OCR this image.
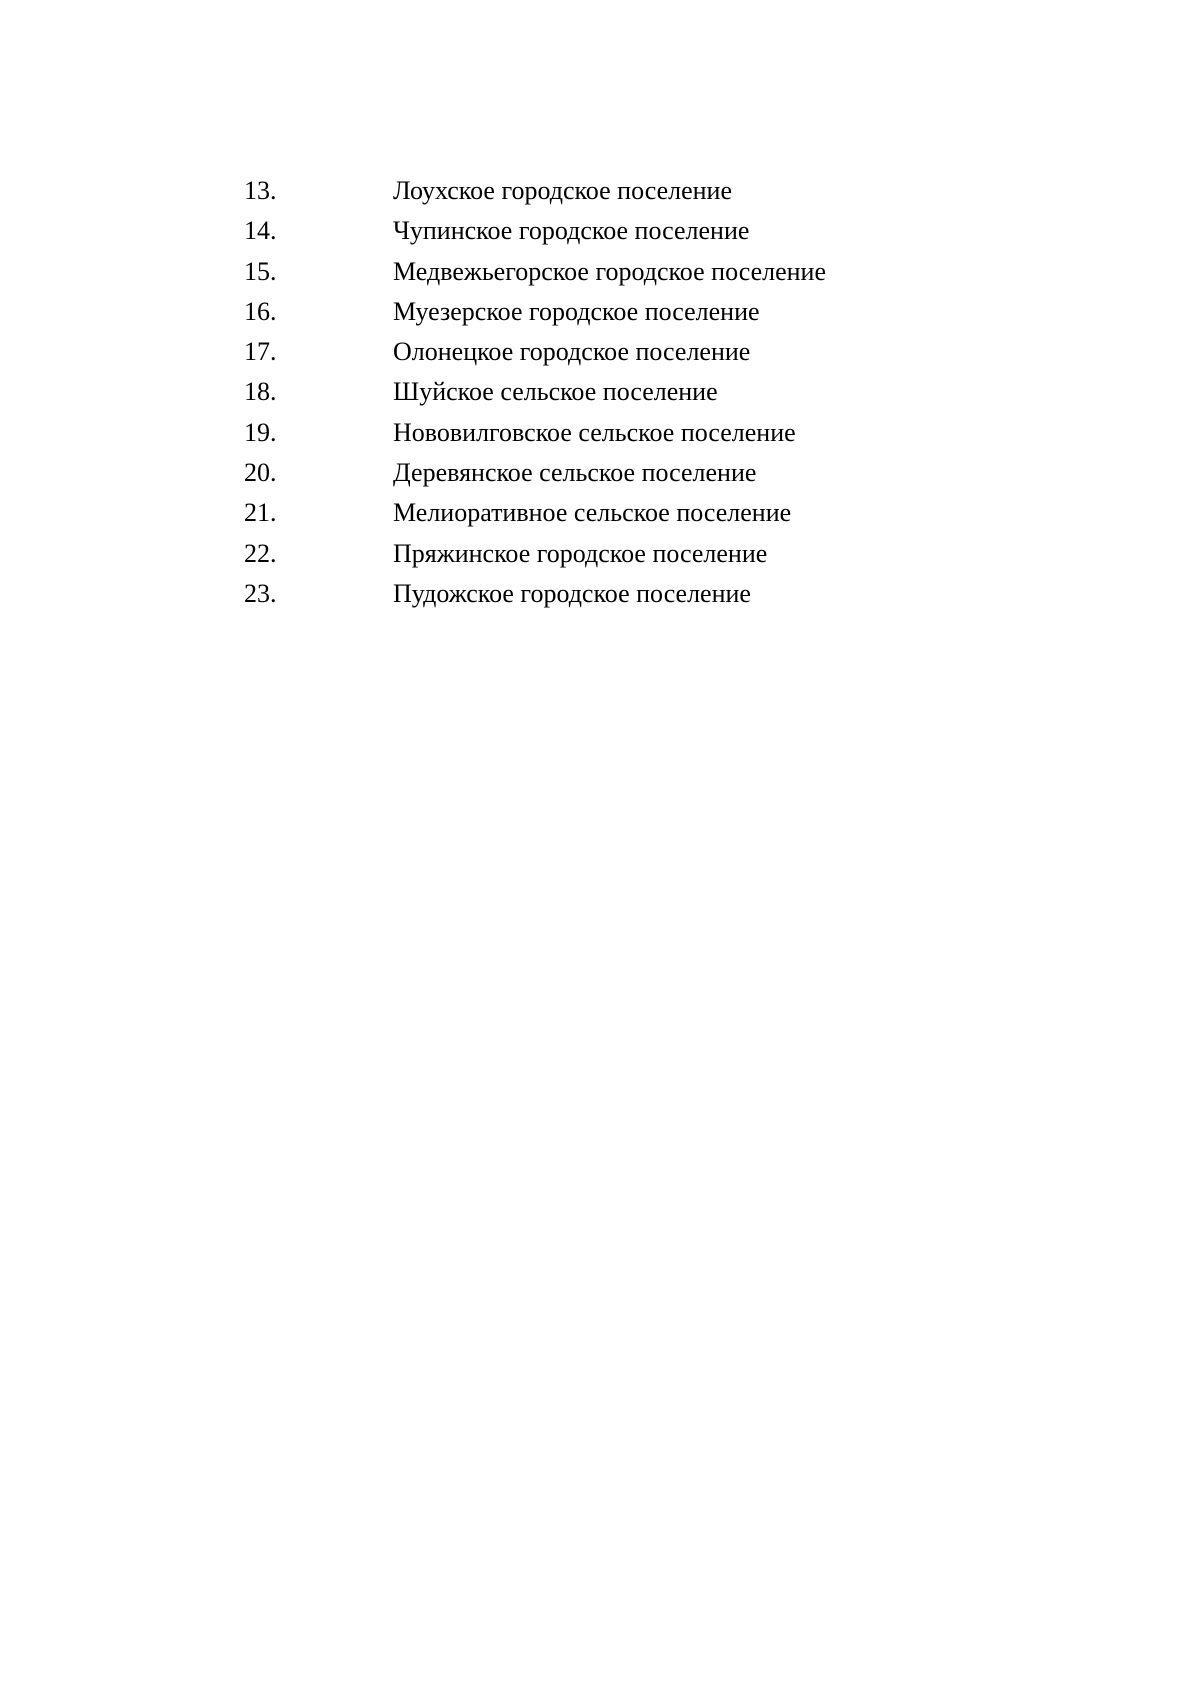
13.	Лоухское городское поселение
14.	Чупинское городское поселение
15.	Медвежьегорское городское поселение
16.	Муезерское городское поселение
17.	Олонецкое городское поселение
18.	Шуйское сельское поселение
19.	Нововилговское сельское поселение
20.	Деревянское сельское поселение
21.	Мелиоративное сельское поселение
22.	Пряжинское городское поселение
23.	Пудожское городское поселение
